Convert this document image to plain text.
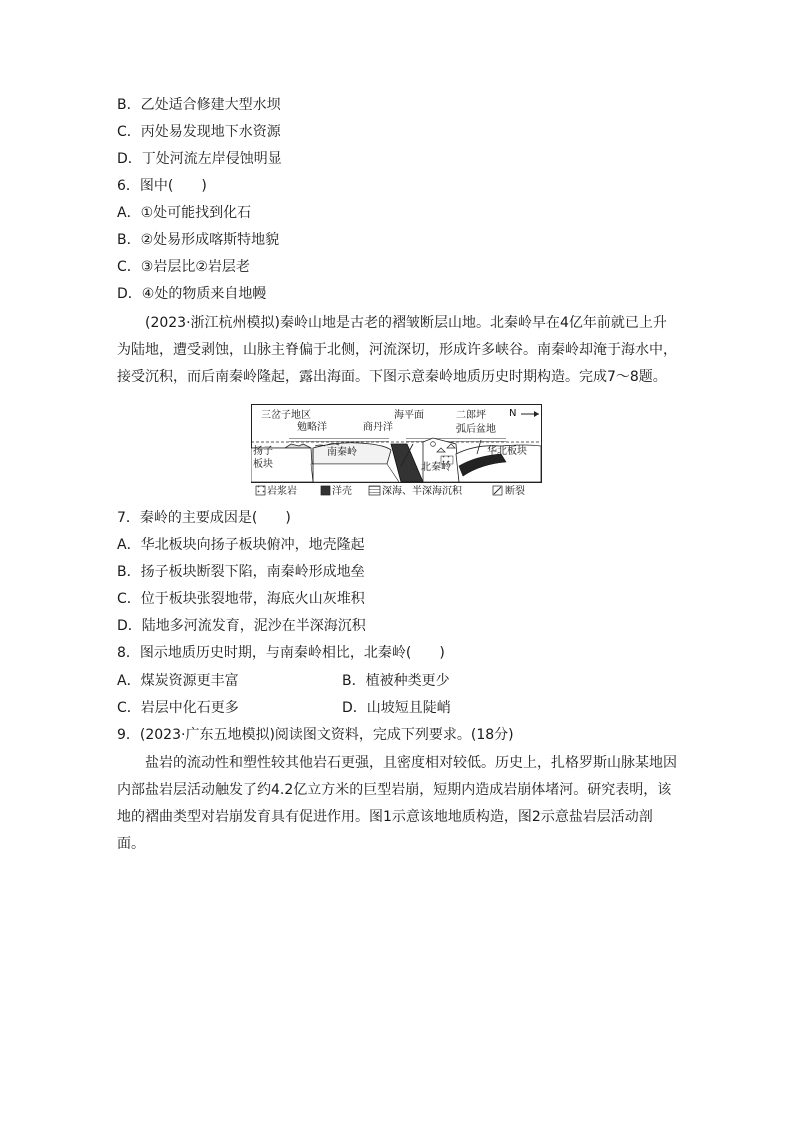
B．乙处适合修建大型水坝
C．丙处易发现地下水资源
D．丁处河流左岸侵蚀明显
6．图中(　　)
A．①处可能找到化石
B．②处易形成喀斯特地貌
C．③岩层比②岩层老
D．④处的物质来自地幔
(2023·浙江杭州模拟)秦岭山地是古老的褶皱断层山地。北秦岭早在4亿年前就已上升为陆地，遭受剥蚀，山脉主脊偏于北侧，河流深切，形成许多峡谷。南秦岭却淹于海水中，接受沉积，而后南秦岭隆起，露出海面。下图示意秦岭地质历史时期构造。完成7～8题。
三岔子地区
勉略洋
海平面
商丹洋
二郎坪
弧后盆地
N
扬子
板块
南秦岭
北秦岭
华北板块
岩浆岩	洋壳	深海、半深海沉积	断裂
7．秦岭的主要成因是(　　)
A．华北板块向扬子板块俯冲，地壳隆起
B．扬子板块断裂下陷，南秦岭形成地垒
C．位于板块张裂地带，海底火山灰堆积
D．陆地多河流发育，泥沙在半深海沉积
8．图示地质历史时期，与南秦岭相比，北秦岭(　　)
A．煤炭资源更丰富	B．植被种类更少
C．岩层中化石更多	D．山坡短且陡峭
9．(2023·广东五地模拟)阅读图文资料，完成下列要求。(18分)
盐岩的流动性和塑性较其他岩石更强，且密度相对较低。历史上，扎格罗斯山脉某地因内部盐岩层活动触发了约4.2亿立方米的巨型岩崩，短期内造成岩崩体堵河。研究表明，该地的褶曲类型对岩崩发育具有促进作用。图1示意该地地质构造，图2示意盐岩层活动剖面。
